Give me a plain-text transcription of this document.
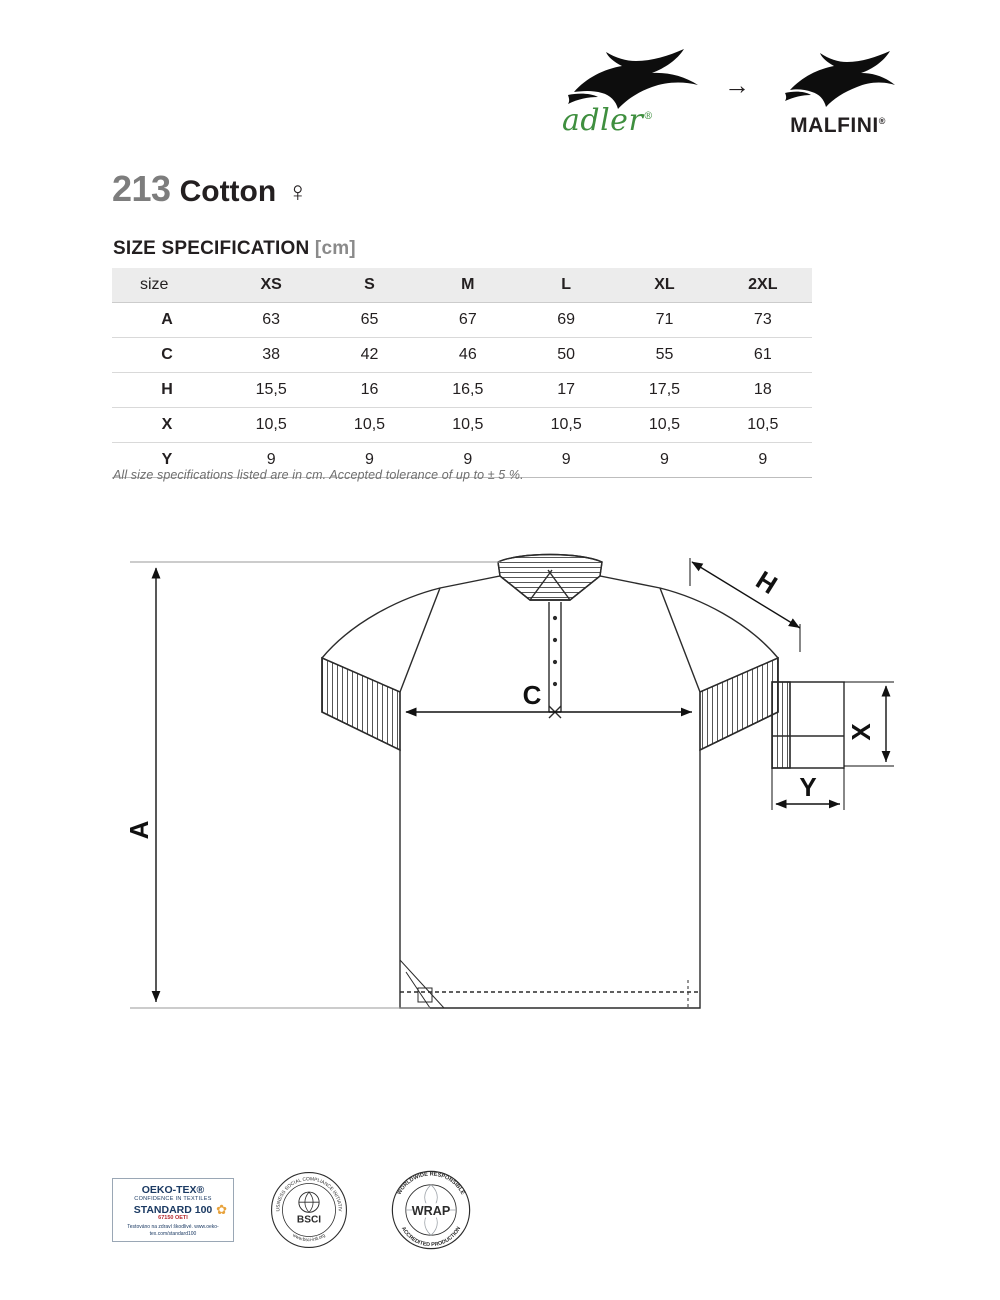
adler®
→
MALFINI®
213 Cotton ♀
SIZE SPECIFICATION [cm]
size	XS	S	M	L	XL	2XL
A	63	65	67	69	71	73
C	38	42	46	50	55	61
H	15,5	16	16,5	17	17,5	18
X	10,5	10,5	10,5	10,5	10,5	10,5
Y	9	9	9	9	9	9
All size specifications listed are in cm. Accepted tolerance of up to ± 5 %.
A
C
H
X
Y
OEKO-TEX®
CONFIDENCE IN TEXTILES
STANDARD 100
67150 OETI
Testováno na zdraví škodlivé. www.oeko-tex.com/standard100
✿
BSCI
USINESS SOCIAL COMPLIANCE INITIATIV
www.bsci-intl.org
WRAP
WORLDWIDE RESPONSIBLE
ACCREDITED PRODUCTION
